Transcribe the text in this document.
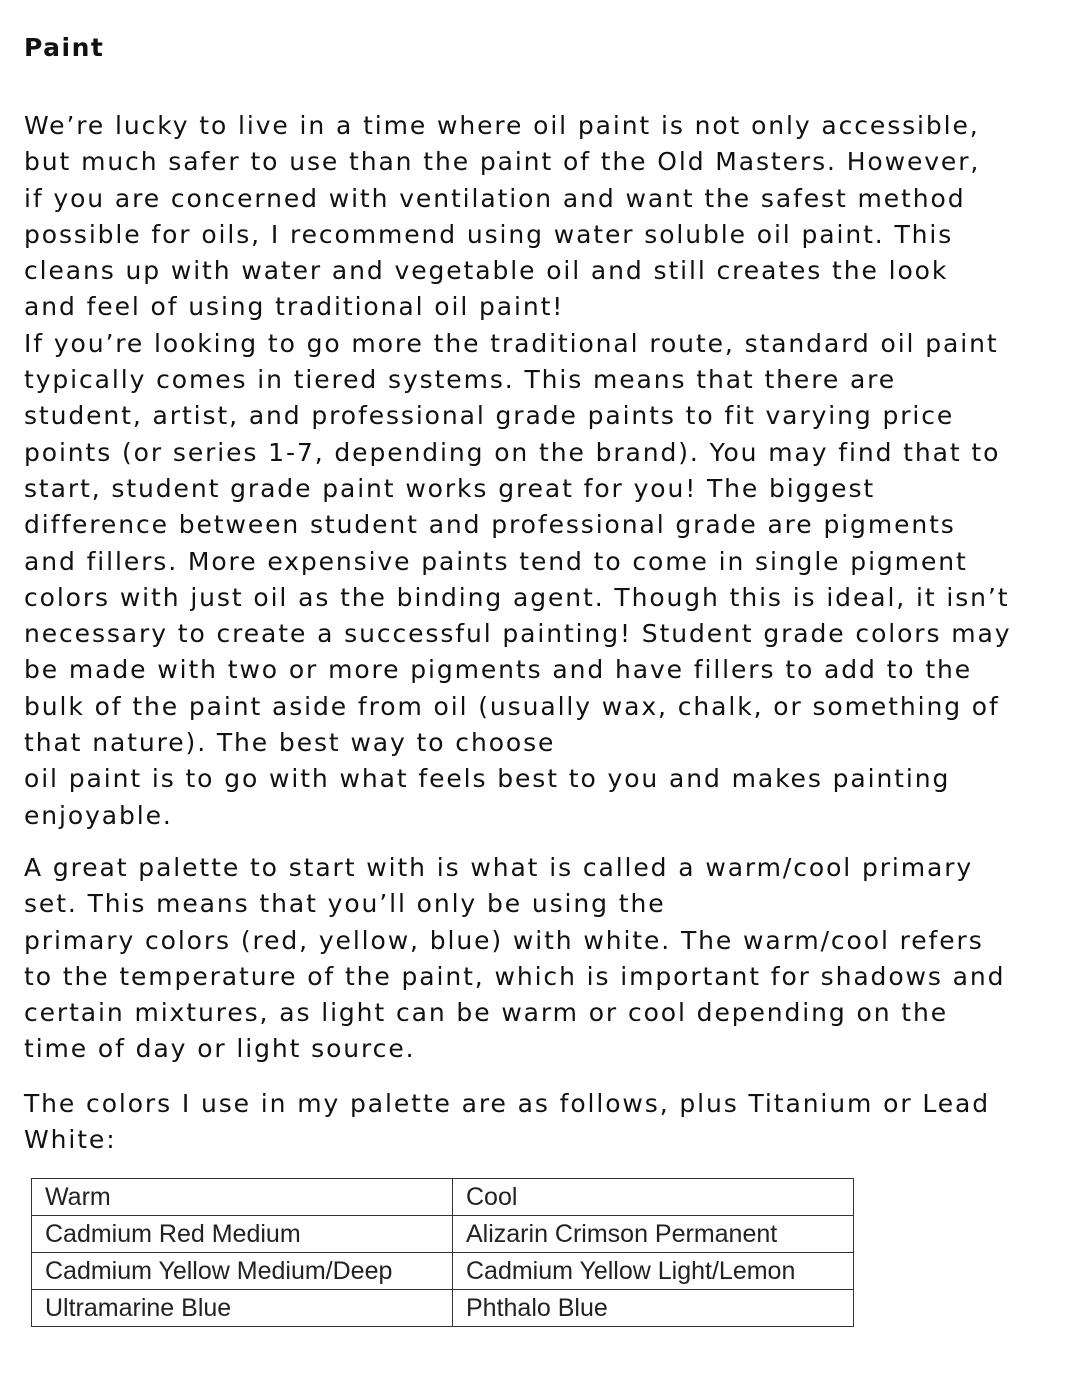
Paint

We’re lucky to live in a time where oil paint is not only accessible,
but much safer to use than the paint of the Old Masters. However,
if you are concerned with ventilation and want the safest method
possible for oils, I recommend using water soluble oil paint. This
cleans up with water and vegetable oil and still creates the look
and feel of using traditional oil paint!
If you’re looking to go more the traditional route, standard oil paint
typically comes in tiered systems. This means that there are
student, artist, and professional grade paints to fit varying price
points (or series 1-7, depending on the brand). You may find that to
start, student grade paint works great for you! The biggest
difference between student and professional grade are pigments
and fillers. More expensive paints tend to come in single pigment
colors with just oil as the binding agent. Though this is ideal, it isn’t
necessary to create a successful painting! Student grade colors may
be made with two or more pigments and have fillers to add to the
bulk of the paint aside from oil (usually wax, chalk, or something of
that nature). The best way to choose
oil paint is to go with what feels best to you and makes painting
enjoyable.

A great palette to start with is what is called a warm/cool primary
set. This means that you’ll only be using the
primary colors (red, yellow, blue) with white. The warm/cool refers
to the temperature of the paint, which is important for shadows and
certain mixtures, as light can be warm or cool depending on the
time of day or light source.

The colors I use in my palette are as follows, plus Titanium or Lead
White:

Warm	Cool
Cadmium Red Medium	Alizarin Crimson Permanent
Cadmium Yellow Medium/Deep	Cadmium Yellow Light/Lemon
Ultramarine Blue	Phthalo Blue
